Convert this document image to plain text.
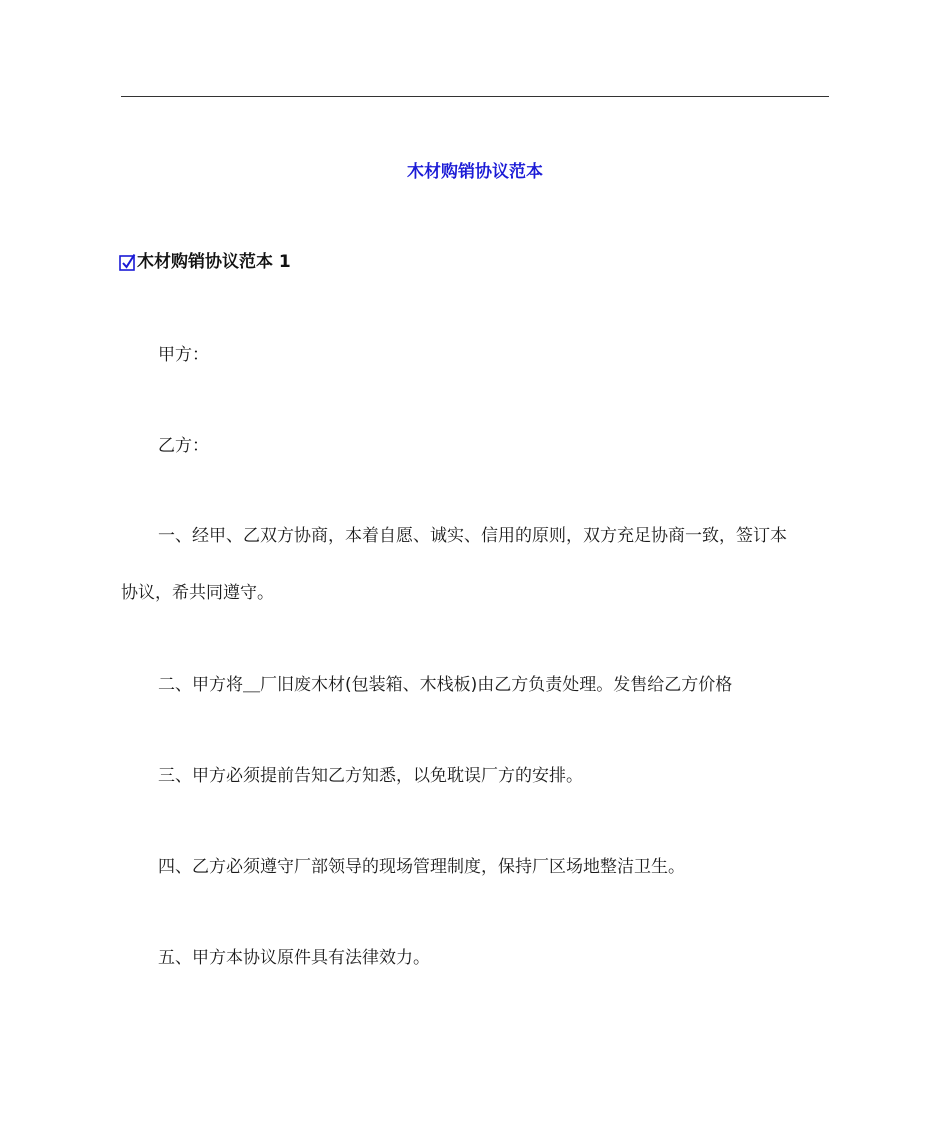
木材购销协议范本
木材购销协议范本 1
甲方：
乙方：
一、经甲、乙双方协商，本着自愿、诚实、信用的原则，双方充足协商一致，签订本
协议，希共同遵守。
二、甲方将＿厂旧废木材(包装箱、木栈板)由乙方负责处理。发售给乙方价格
三、甲方必须提前告知乙方知悉，以免耽误厂方的安排。
四、乙方必须遵守厂部领导的现场管理制度，保持厂区场地整洁卫生。
五、甲方本协议原件具有法律效力。
